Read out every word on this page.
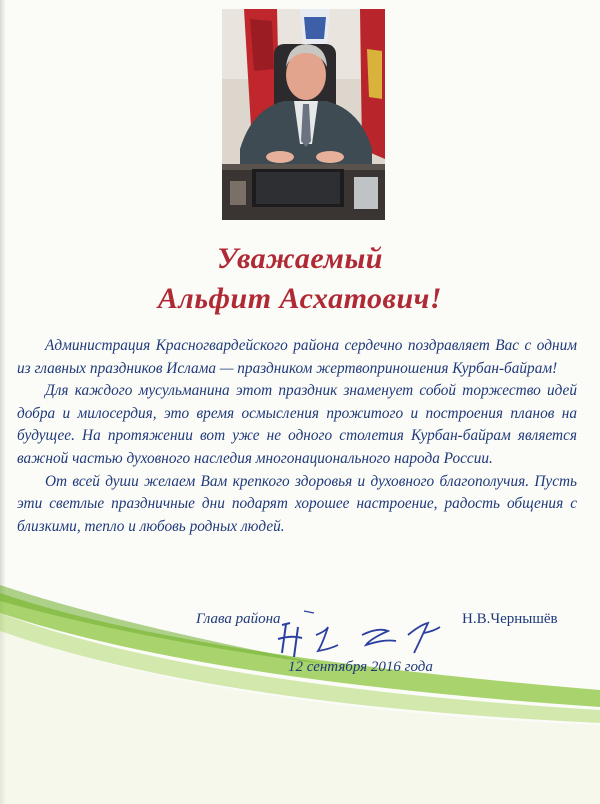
Уважаемый
Альфит Асхатович!

Администрация Красногвардейского района сердечно поздравляет Вас с одним из главных праздников Ислама — праздником жертвоприношения Курбан-байрам!

Для каждого мусульманина этот праздник знаменует собой торжество идей добра и милосердия, это время осмысления прожитого и построения планов на будущее. На протяжении вот уже не одного столетия Курбан-байрам является важной частью духовного наследия многонационального народа России.

От всей души желаем Вам крепкого здоровья и духовного благополучия. Пусть эти светлые праздничные дни подарят хорошее настроение, радость общения с близкими, тепло и любовь родных людей.

Глава района	Н.В.Чернышёв
12 сентября 2016 года
